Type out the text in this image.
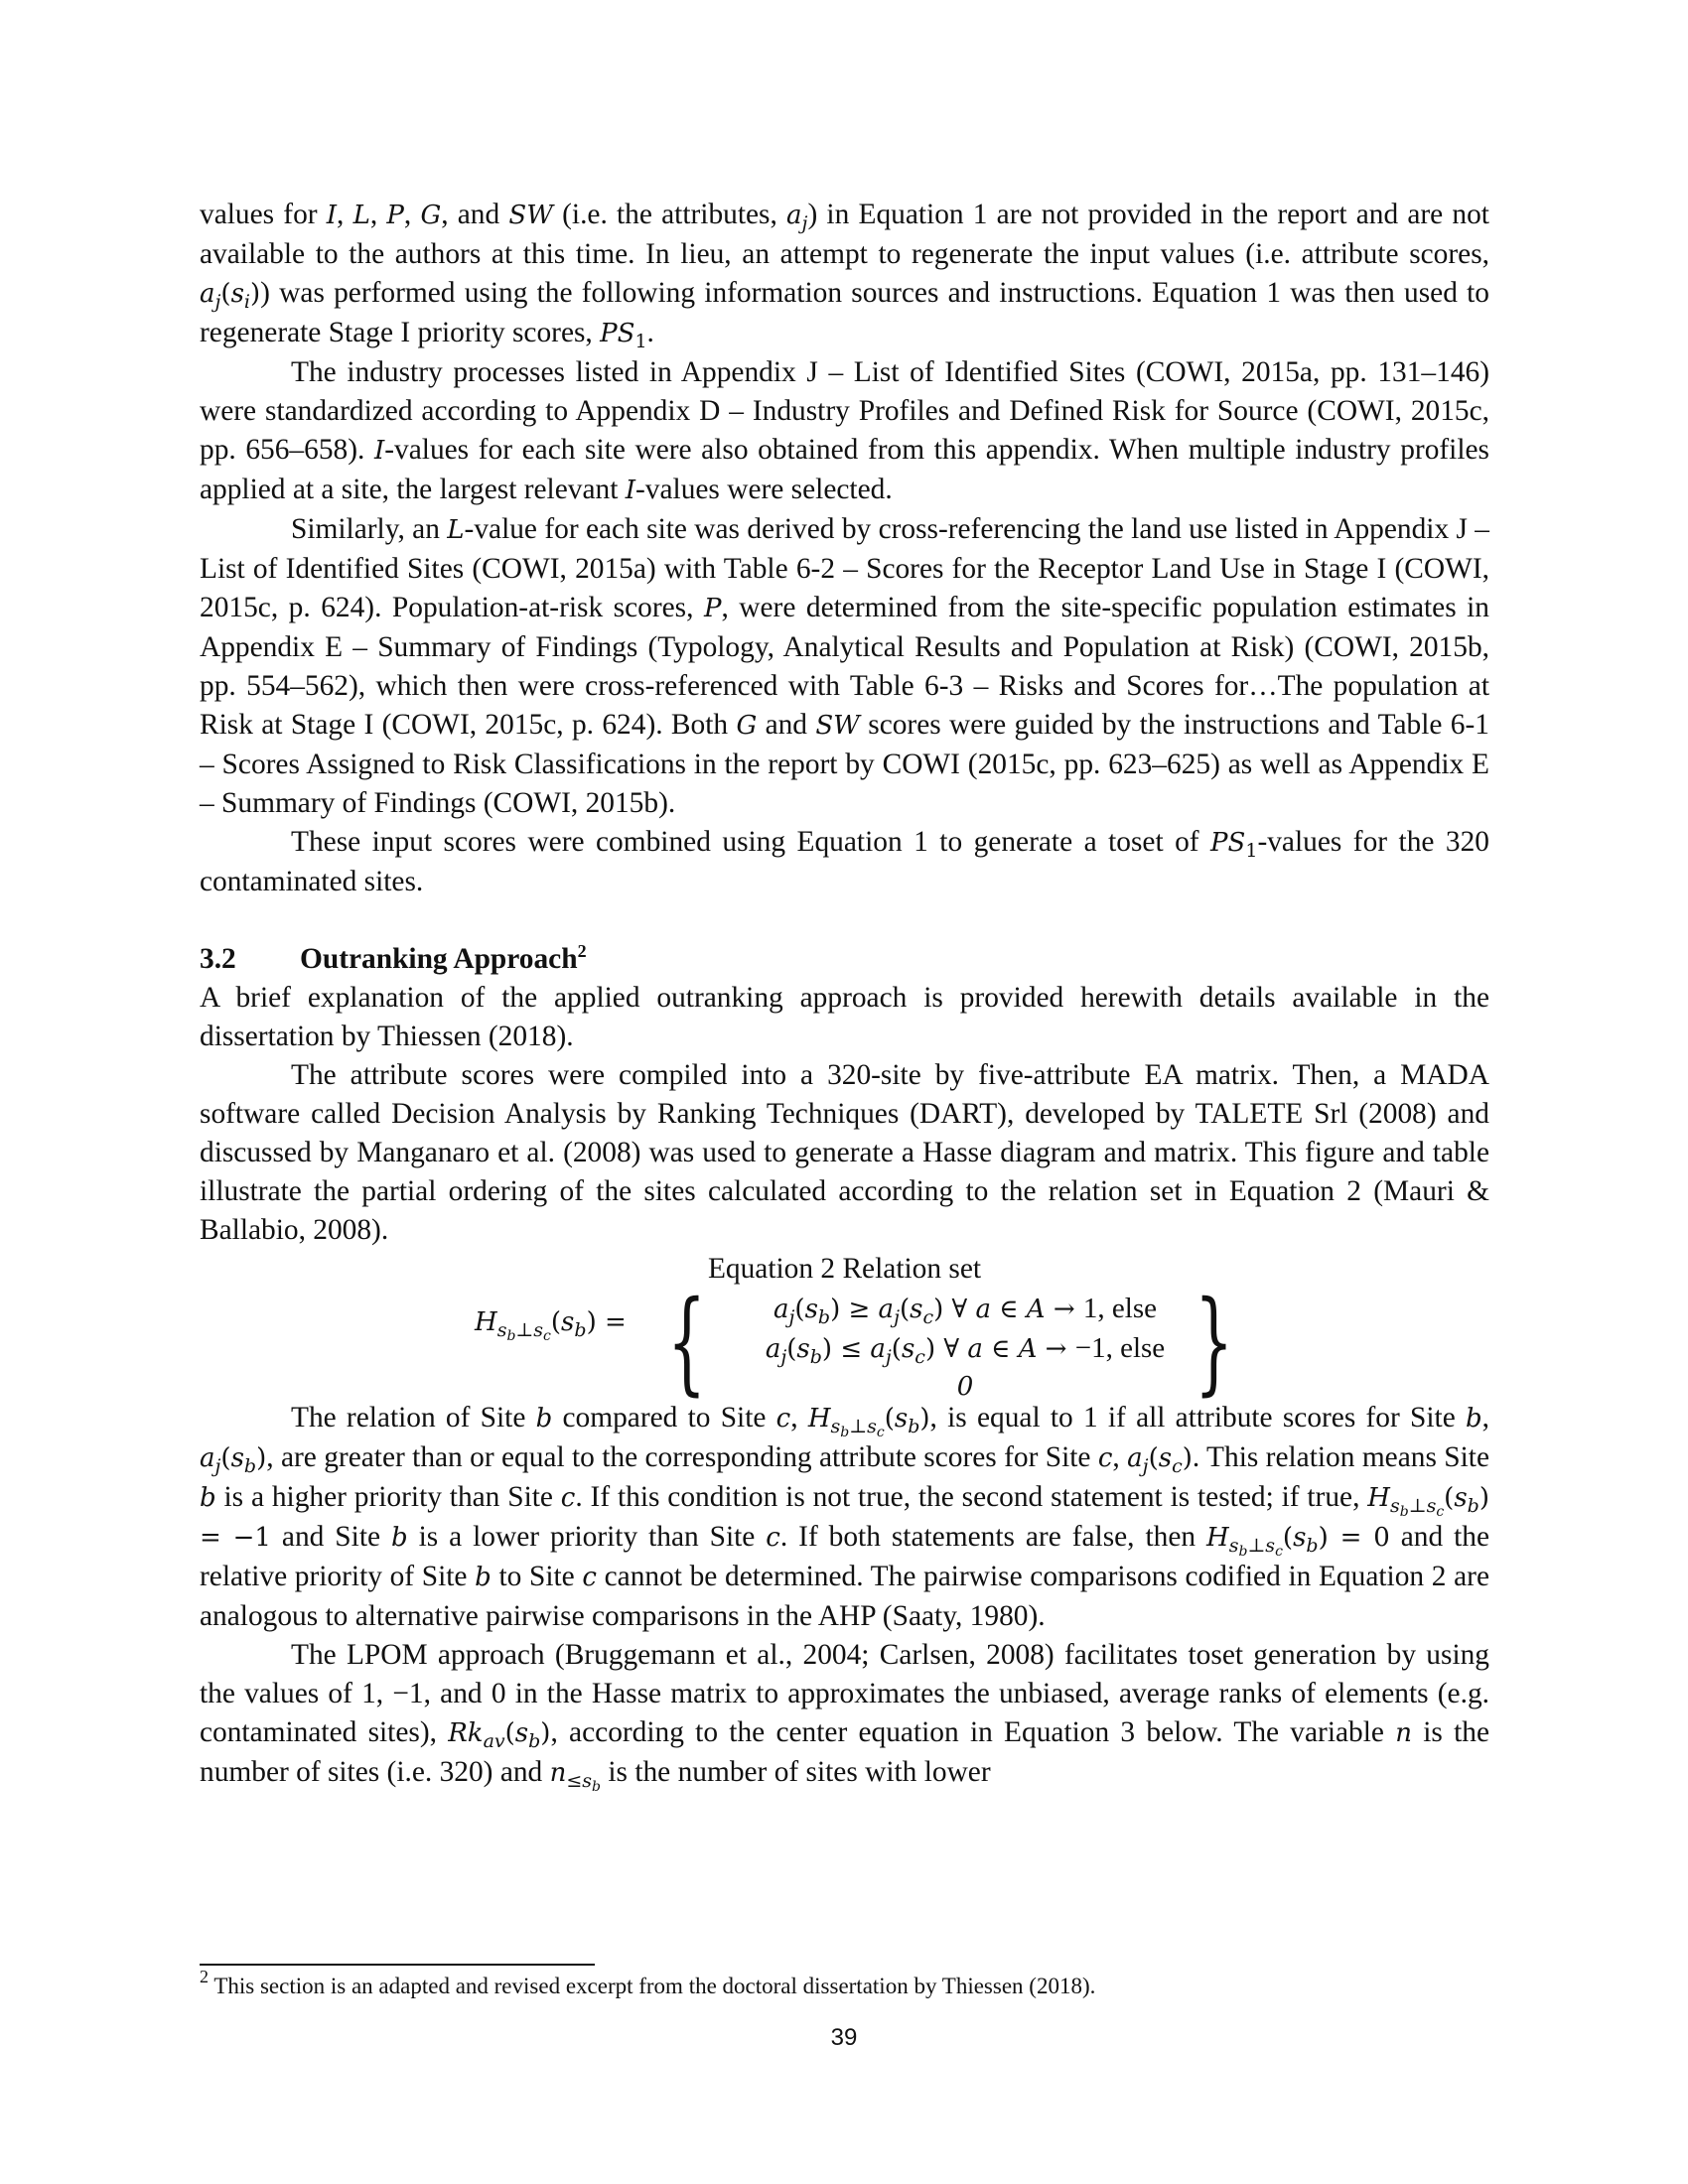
values for I, L, P, G, and SW (i.e. the attributes, $a_j$) in Equation 1 are not provided in the report and are not available to the authors at this time. In lieu, an attempt to regenerate the input values (i.e. attribute scores, $a_j(s_i)$) was performed using the following information sources and instructions. Equation 1 was then used to regenerate Stage I priority scores, $PS_1$.

The industry processes listed in Appendix J – List of Identified Sites (COWI, 2015a, pp. 131–146) were standardized according to Appendix D – Industry Profiles and Defined Risk for Source (COWI, 2015c, pp. 656–658). I-values for each site were also obtained from this appendix. When multiple industry profiles applied at a site, the largest relevant I-values were selected.

Similarly, an L-value for each site was derived by cross-referencing the land use listed in Appendix J – List of Identified Sites (COWI, 2015a) with Table 6-2 – Scores for the Receptor Land Use in Stage I (COWI, 2015c, p. 624). Population-at-risk scores, P, were determined from the site-specific population estimates in Appendix E – Summary of Findings (Typology, Analytical Results and Population at Risk) (COWI, 2015b, pp. 554–562), which then were cross-referenced with Table 6-3 – Risks and Scores for…The population at Risk at Stage I (COWI, 2015c, p. 624). Both G and SW scores were guided by the instructions and Table 6-1 – Scores Assigned to Risk Classifications in the report by COWI (2015c, pp. 623–625) as well as Appendix E – Summary of Findings (COWI, 2015b).

These input scores were combined using Equation 1 to generate a toset of $PS_1$-values for the 320 contaminated sites.

3.2 Outranking Approach$^2$

A brief explanation of the applied outranking approach is provided herewith details available in the dissertation by Thiessen (2018).

The attribute scores were compiled into a 320-site by five-attribute EA matrix. Then, a MADA software called Decision Analysis by Ranking Techniques (DART), developed by TALETE Srl (2008) and discussed by Manganaro et al. (2008) was used to generate a Hasse diagram and matrix. This figure and table illustrate the partial ordering of the sites calculated according to the relation set in Equation 2 (Mauri & Ballabio, 2008).

Equation 2 Relation set
{	}
$H_{s_b\perp s_c}(s_b)$ =	$a_j(s_b) \ge a_j(s_c)$ ∀ a ∈ A → 1, else
$a_j(s_b) \le a_j(s_c)$ ∀ a ∈ A → −1, else
0

The relation of Site b compared to Site c, $H_{s_b\perp s_c}(s_b)$, is equal to 1 if all attribute scores for Site b, $a_j(s_b)$, are greater than or equal to the corresponding attribute scores for Site c, $a_j(s_c)$. This relation means Site b is a higher priority than Site c. If this condition is not true, the second statement is tested; if true, $H_{s_b\perp s_c}(s_b) = -1$ and Site b is a lower priority than Site c. If both statements are false, then $H_{s_b\perp s_c}(s_b) = 0$ and the relative priority of Site b to Site c cannot be determined. The pairwise comparisons codified in Equation 2 are analogous to alternative pairwise comparisons in the AHP (Saaty, 1980).

The LPOM approach (Bruggemann et al., 2004; Carlsen, 2008) facilitates toset generation by using the values of 1, −1, and 0 in the Hasse matrix to approximates the unbiased, average ranks of elements (e.g. contaminated sites), $Rk_{av}(s_b)$, according to the center equation in Equation 3 below. The variable n is the number of sites (i.e. 320) and $n_{\le s_b}$ is the number of sites with lower

$^2$ This section is an adapted and revised excerpt from the doctoral dissertation by Thiessen (2018).
39
